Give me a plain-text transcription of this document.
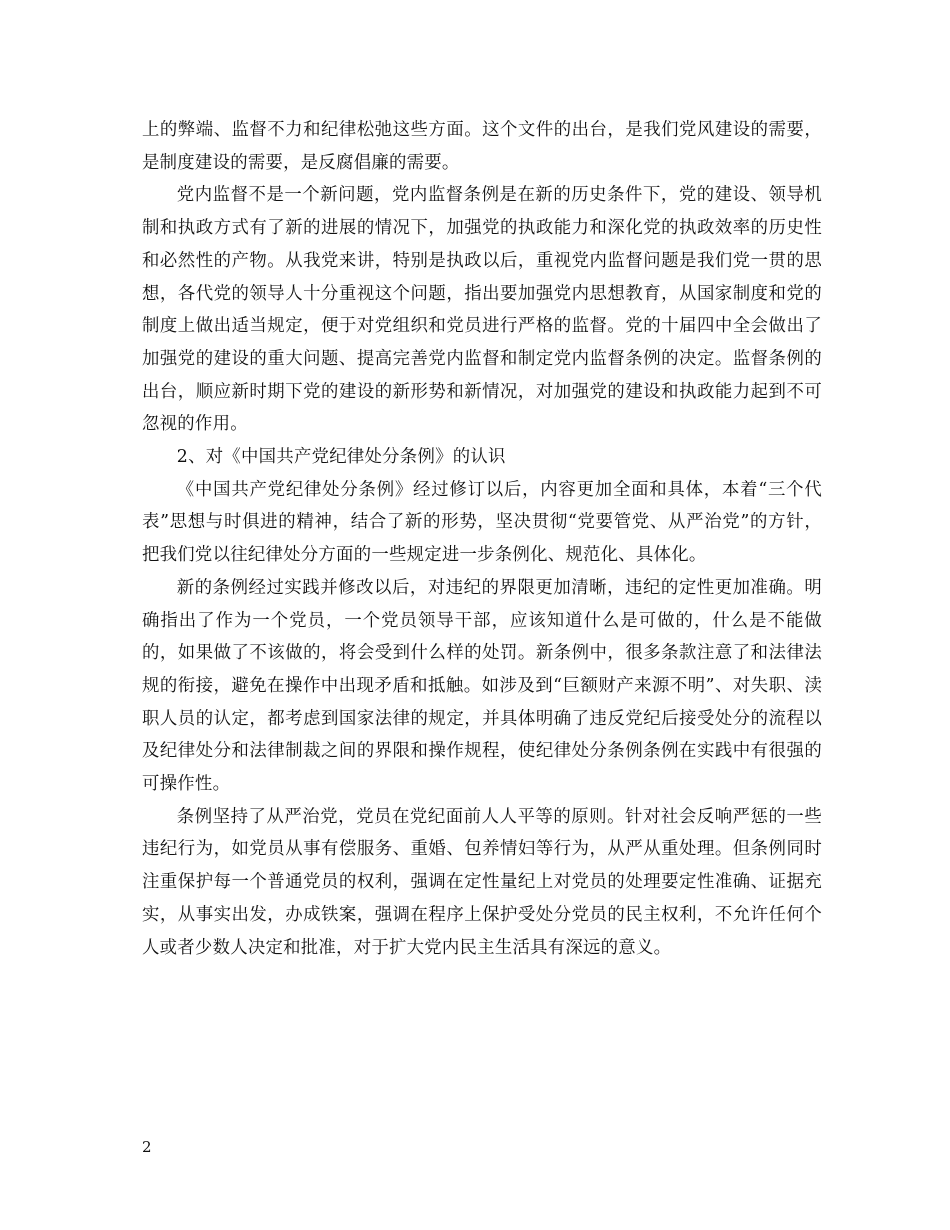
上的弊端、监督不力和纪律松弛这些方面。这个文件的出台，是我们党风建设的需要，是制度建设的需要，是反腐倡廉的需要。

党内监督不是一个新问题，党内监督条例是在新的历史条件下，党的建设、领导机制和执政方式有了新的进展的情况下，加强党的执政能力和深化党的执政效率的历史性和必然性的产物。从我党来讲，特别是执政以后，重视党内监督问题是我们党一贯的思想，各代党的领导人十分重视这个问题，指出要加强党内思想教育，从国家制度和党的制度上做出适当规定，便于对党组织和党员进行严格的监督。党的十届四中全会做出了加强党的建设的重大问题、提高完善党内监督和制定党内监督条例的决定。监督条例的出台，顺应新时期下党的建设的新形势和新情况，对加强党的建设和执政能力起到不可忽视的作用。

2、对《中国共产党纪律处分条例》的认识

《中国共产党纪律处分条例》经过修订以后，内容更加全面和具体，本着“三个代表”思想与时俱进的精神，结合了新的形势，坚决贯彻“党要管党、从严治党”的方针，把我们党以往纪律处分方面的一些规定进一步条例化、规范化、具体化。

新的条例经过实践并修改以后，对违纪的界限更加清晰，违纪的定性更加准确。明确指出了作为一个党员，一个党员领导干部，应该知道什么是可做的，什么是不能做的，如果做了不该做的，将会受到什么样的处罚。新条例中，很多条款注意了和法律法规的衔接，避免在操作中出现矛盾和抵触。如涉及到“巨额财产来源不明”、对失职、渎职人员的认定，都考虑到国家法律的规定，并具体明确了违反党纪后接受处分的流程以及纪律处分和法律制裁之间的界限和操作规程，使纪律处分条例条例在实践中有很强的可操作性。

条例坚持了从严治党，党员在党纪面前人人平等的原则。针对社会反响严惩的一些违纪行为，如党员从事有偿服务、重婚、包养情妇等行为，从严从重处理。但条例同时注重保护每一个普通党员的权利，强调在定性量纪上对党员的处理要定性准确、证据充实，从事实出发，办成铁案，强调在程序上保护受处分党员的民主权利，不允许任何个人或者少数人决定和批准，对于扩大党内民主生活具有深远的意义。

2
